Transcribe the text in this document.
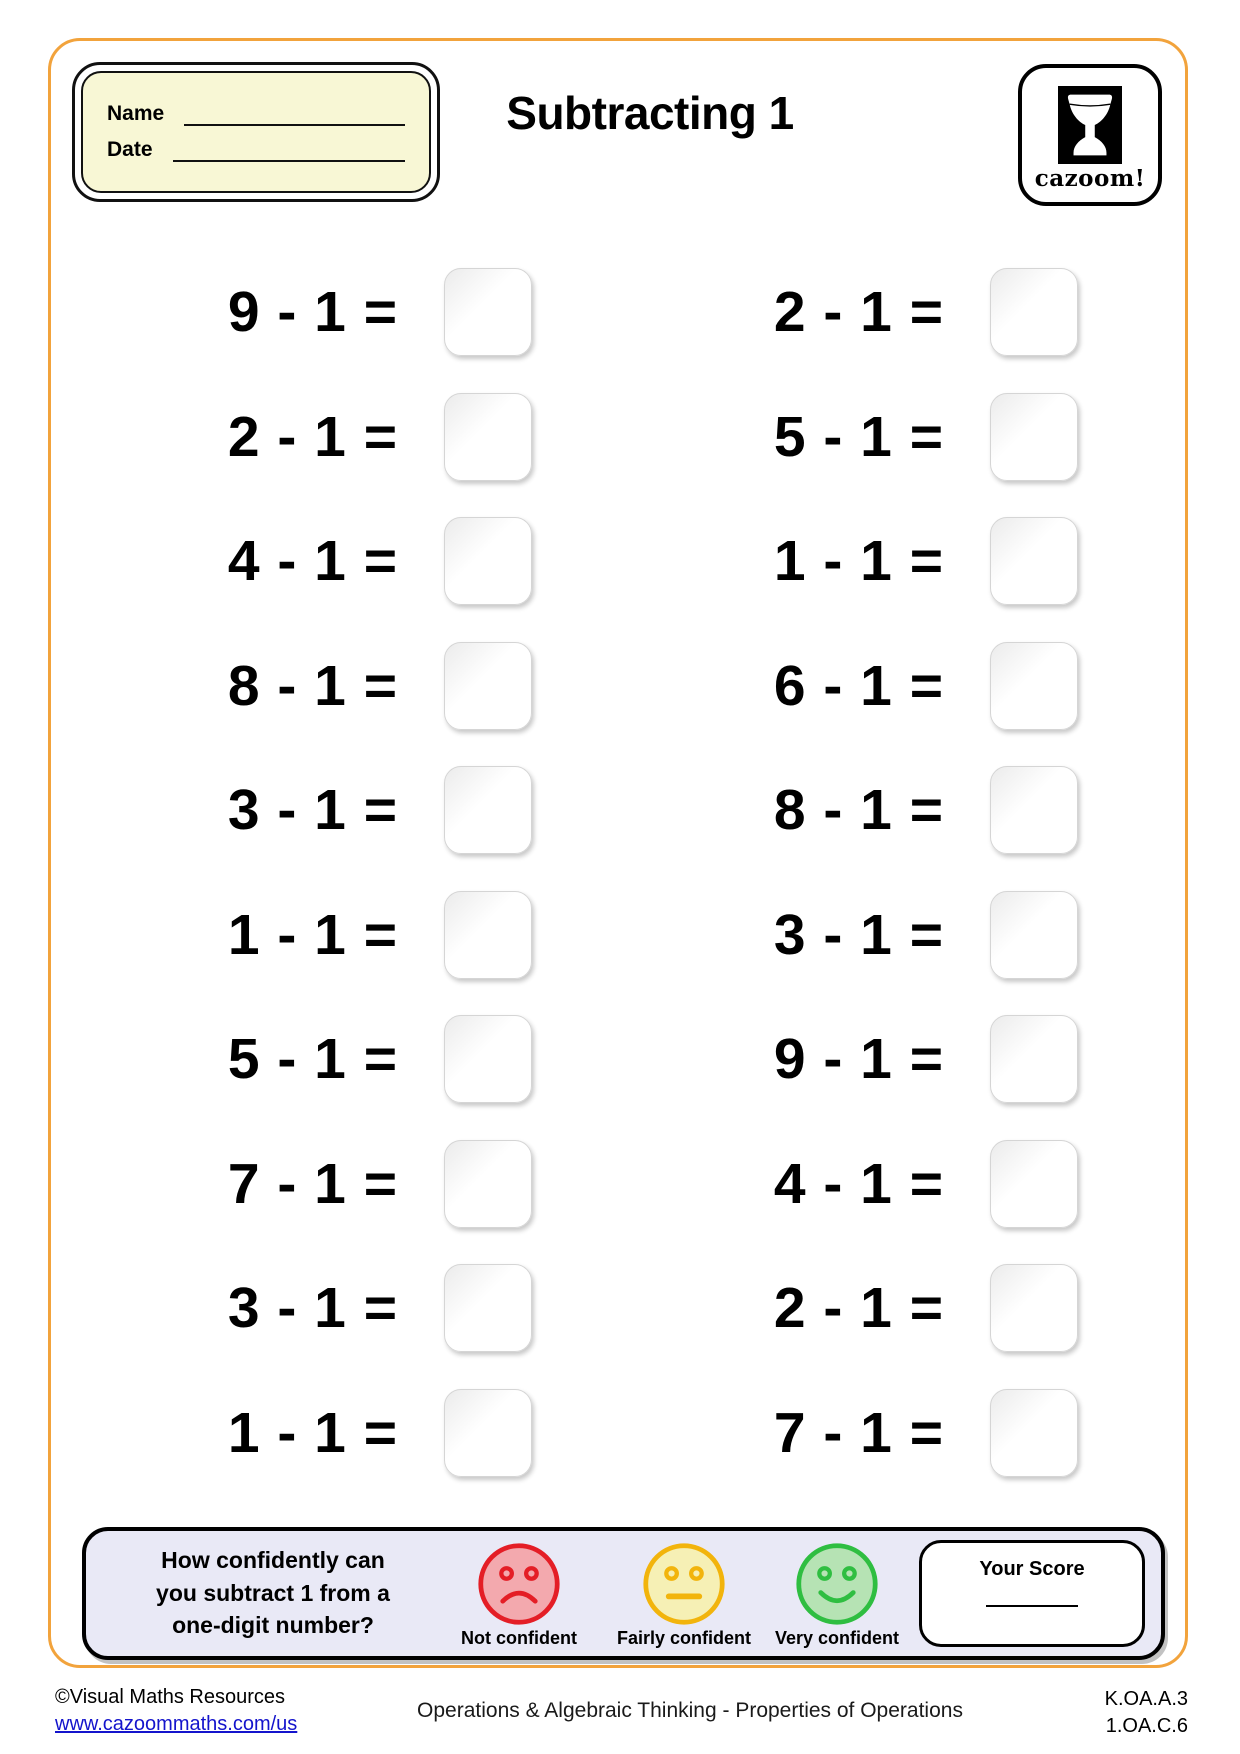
Name
Date
Subtracting 1
cazoom!
9 - 1 =
2 - 1 =
4 - 1 =
8 - 1 =
3 - 1 =
1 - 1 =
5 - 1 =
7 - 1 =
3 - 1 =
1 - 1 =
2 - 1 =
5 - 1 =
1 - 1 =
6 - 1 =
8 - 1 =
3 - 1 =
9 - 1 =
4 - 1 =
2 - 1 =
7 - 1 =
How confidently can
you subtract 1 from a
one-digit number?	Not confident	Fairly confident	Very confident
Your Score
©Visual Maths Resources
www.cazoommaths.com/us
Operations & Algebraic Thinking - Properties of Operations	K.OA.A.3
1.OA.C.6
